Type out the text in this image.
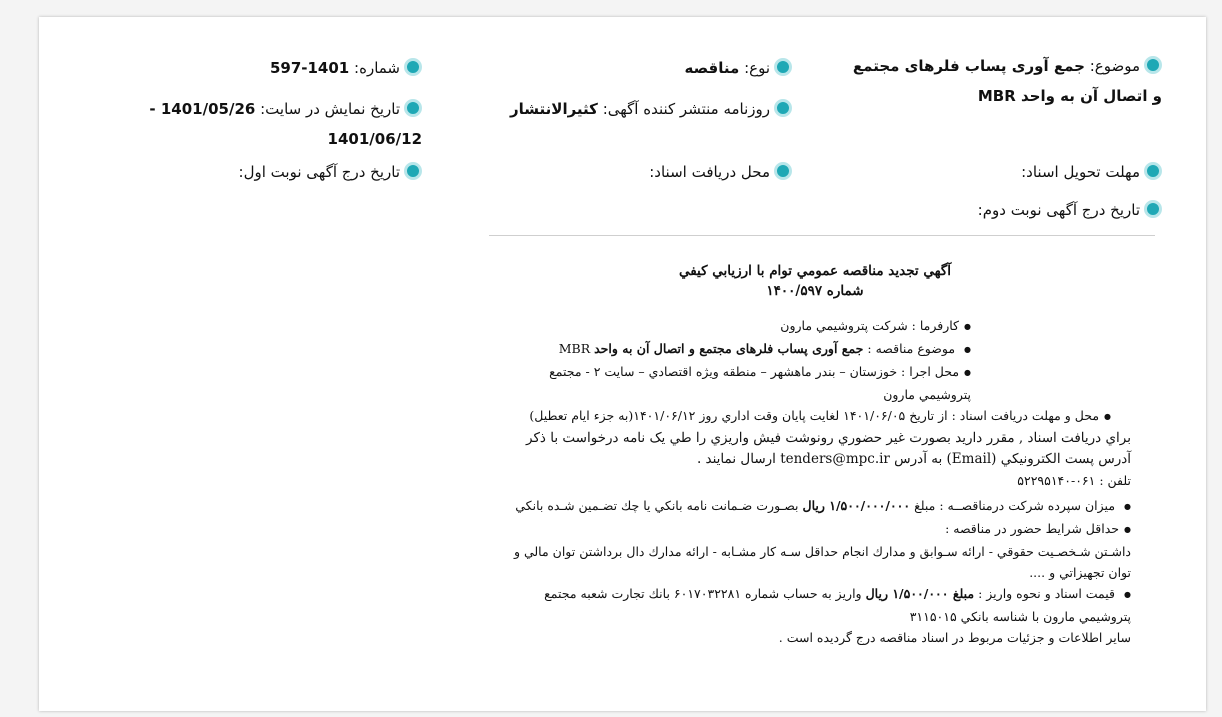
موضوع: جمع آوری پساب فلرهای مجتمع و اتصال آن به واحد MBR
نوع: مناقصه
شماره: 1401-597
روزنامه منتشر کننده آگهی: کثیرالانتشار
تاریخ نمایش در سایت: 1401/05/26 - 1401/06/12
مهلت تحویل اسناد:
محل دریافت اسناد:
تاریخ درج آگهی نوبت اول:
تاریخ درج آگهی نوبت دوم:
آگهي تجديد مناقصه عمومي توام با ارزيابي كيفي
شماره ۱۴۰۰/۵۹۷

● كارفرما : شركت پتروشيمي مارون

● موضوع مناقصه : جمع آوری پساب فلرهای مجتمع و اتصال آن به واحد MBR

● محل اجرا : خوزستان – بندر ماهشهر – منطقه ويژه اقتصادي – سايت ۲ - مجتمع پتروشيمي مارون

● محل و مهلت دريافت اسناد : از تاريخ ۱۴۰۱/۰۶/۰۵ لغايت پايان وقت اداري روز ۱۴۰۱/۰۶/۱۲(به جزء ايام تعطيل)

براي دريافت اسناد , مقرر داريد بصورت غير حضوري رونوشت فيش واريزي را طي يک نامه درخواست با ذکر آدرس پست الکترونيکي (Email) به آدرس tenders@mpc.ir ارسال نمايند .

تلفن : ۰۶۱-۵۲۲۹۵۱۴۰

● ميزان سپرده شركت درمناقصــه : مبلغ ۱/۵۰۰/۰۰۰/۰۰۰ ريال بصـورت ضـمانت نامه بانكي يا چك تضـمين شـده بانكي

● حداقل شرايط حضور در مناقصه :

داشـتن شـخصـيت حقوقي - ارائه سـوابق و مدارك انجام حداقل سـه كار مشـابه - ارائه مدارك دال برداشتن توان مالي و توان تجهيزاتي و ....

● قيمت اسناد و نحوه واريز : مبلغ ۱/۵۰۰/۰۰۰ ريال واريز به حساب شماره ۶۰۱۷۰۳۲۲۸۱ بانك تجارت شعبه مجتمع پتروشيمي مارون با شناسه بانكي ۳۱۱۵۰۱۵

ساير اطلاعات و جزئيات مربوط در اسناد مناقصه درج گرديده است .
